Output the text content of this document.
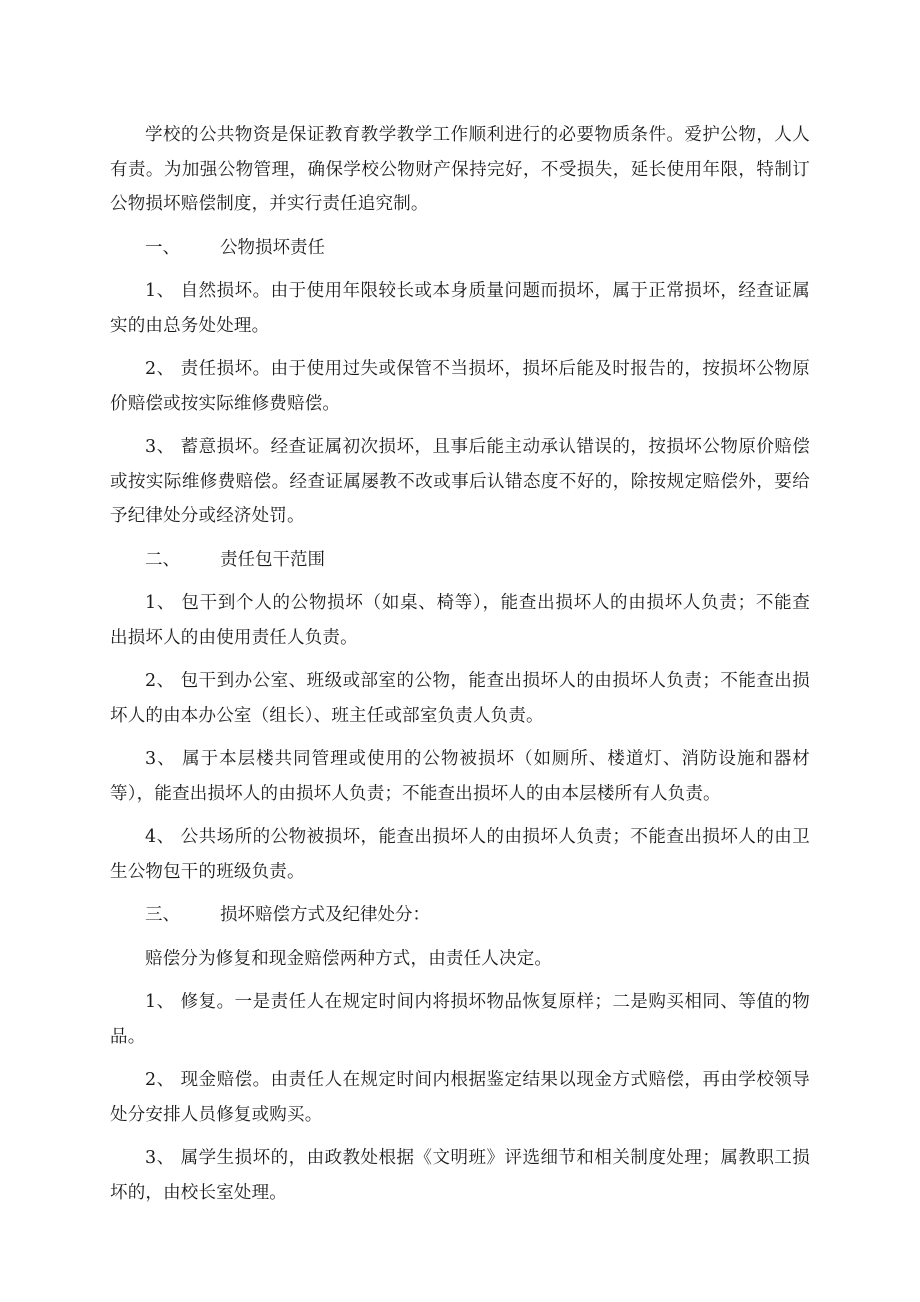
学校的公共物资是保证教育教学教学工作顺利进行的必要物质条件。爱护公物，人人有责。为加强公物管理，确保学校公物财产保持完好，不受损失，延长使用年限，特制订公物损坏赔偿制度，并实行责任追究制。

一、	公物损坏责任

1、 自然损坏。由于使用年限较长或本身质量问题而损坏，属于正常损坏，经查证属实的由总务处处理。

2、 责任损坏。由于使用过失或保管不当损坏，损坏后能及时报告的，按损坏公物原价赔偿或按实际维修费赔偿。

3、 蓄意损坏。经查证属初次损坏，且事后能主动承认错误的，按损坏公物原价赔偿或按实际维修费赔偿。经查证属屡教不改或事后认错态度不好的，除按规定赔偿外，要给予纪律处分或经济处罚。

二、	责任包干范围

1、 包干到个人的公物损坏（如桌、椅等），能查出损坏人的由损坏人负责；不能查 出损坏人的由使用责任人负责。

2、 包干到办公室、班级或部室的公物，能查出损坏人的由损坏人负责；不能查出损坏人的由本办公室（组长）、班主任或部室负责人负责。

3、 属于本层楼共同管理或使用的公物被损坏（如厕所、楼道灯、消防设施和器材等），能查出损坏人的由损坏人负责；不能查出损坏人的由本层楼所有人负责。

4、 公共场所的公物被损坏，能查出损坏人的由损坏人负责；不能查出损坏人的由卫生公物包干的班级负责。

三、	损坏赔偿方式及纪律处分：

赔偿分为修复和现金赔偿两种方式，由责任人决定。

1、 修复。一是责任人在规定时间内将损坏物品恢复原样；二是购买相同、等值的物品。

2、 现金赔偿。由责任人在规定时间内根据鉴定结果以现金方式赔偿，再由学校领导处分安排人员修复或购买。

3、 属学生损坏的，由政教处根据《文明班》评选细节和相关制度处理；属教职工损坏的，由校长室处理。
